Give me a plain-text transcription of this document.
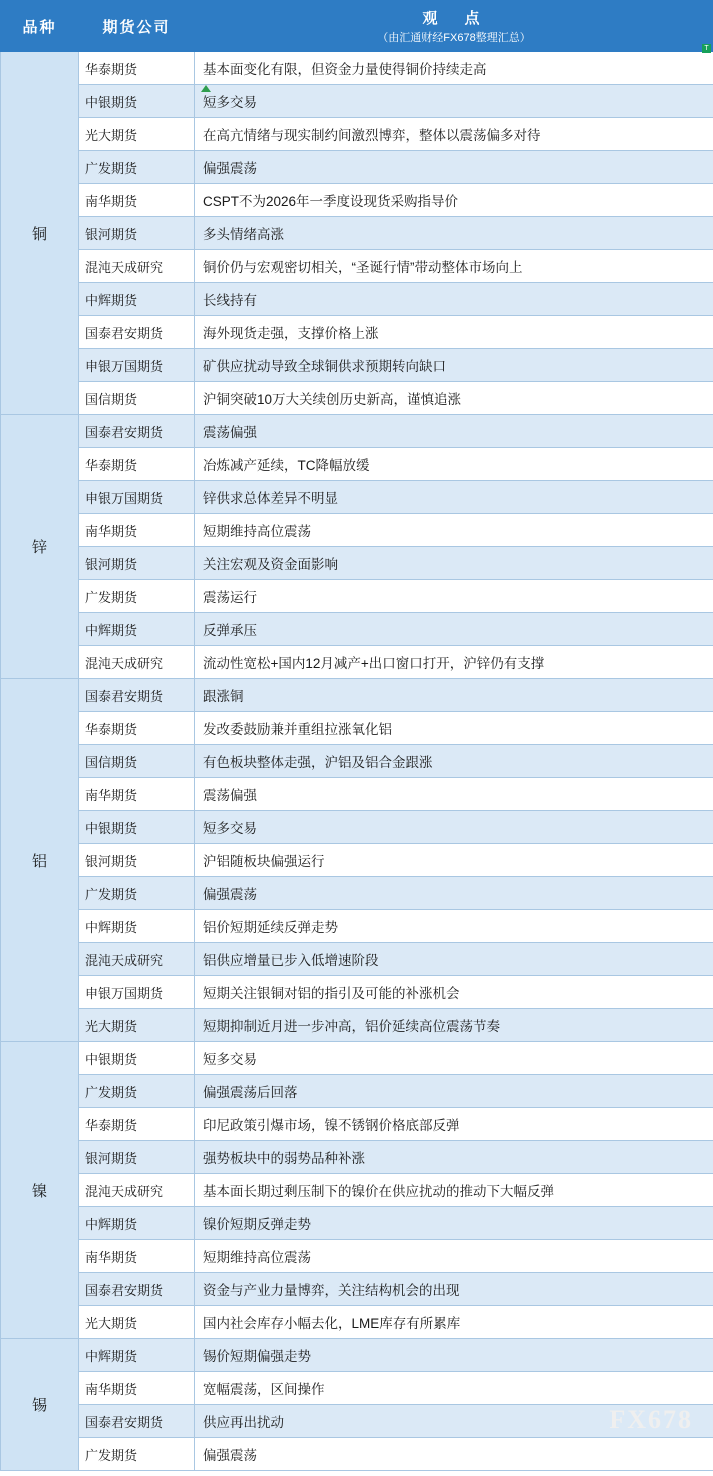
品种	期货公司	观　点
（由汇通财经FX678整理汇总）

铜	华泰期货	基本面变化有限，但资金力量使得铜价持续走高
	中银期货	短多交易
	光大期货	在高亢情绪与现实制约间激烈博弈，整体以震荡偏多对待
	广发期货	偏强震荡
	南华期货	CSPT不为2026年一季度设现货采购指导价
	银河期货	多头情绪高涨
	混沌天成研究	铜价仍与宏观密切相关，“圣诞行情”带动整体市场向上
	中辉期货	长线持有
	国泰君安期货	海外现货走强，支撑价格上涨
	申银万国期货	矿供应扰动导致全球铜供求预期转向缺口
	国信期货	沪铜突破10万大关续创历史新高，谨慎追涨
锌	国泰君安期货	震荡偏强
	华泰期货	冶炼减产延续，TC降幅放缓
	申银万国期货	锌供求总体差异不明显
	南华期货	短期维持高位震荡
	银河期货	关注宏观及资金面影响
	广发期货	震荡运行
	中辉期货	反弹承压
	混沌天成研究	流动性宽松+国内12月减产+出口窗口打开，沪锌仍有支撑
铝	国泰君安期货	跟涨铜
	华泰期货	发改委鼓励兼并重组拉涨氧化铝
	国信期货	有色板块整体走强，沪铝及铝合金跟涨
	南华期货	震荡偏强
	中银期货	短多交易
	银河期货	沪铝随板块偏强运行
	广发期货	偏强震荡
	中辉期货	铝价短期延续反弹走势
	混沌天成研究	铝供应增量已步入低增速阶段
	申银万国期货	短期关注银铜对铝的指引及可能的补涨机会
	光大期货	短期抑制近月进一步冲高，铝价延续高位震荡节奏
镍	中银期货	短多交易
	广发期货	偏强震荡后回落
	华泰期货	印尼政策引爆市场，镍不锈钢价格底部反弹
	银河期货	强势板块中的弱势品种补涨
	混沌天成研究	基本面长期过剩压制下的镍价在供应扰动的推动下大幅反弹
	中辉期货	镍价短期反弹走势
	南华期货	短期维持高位震荡
	国泰君安期货	资金与产业力量博弈，关注结构机会的出现
	光大期货	国内社会库存小幅去化，LME库存有所累库
锡	中辉期货	锡价短期偏强走势
	南华期货	宽幅震荡，区间操作
	国泰君安期货	供应再出扰动
	广发期货	偏强震荡
T
FX678
